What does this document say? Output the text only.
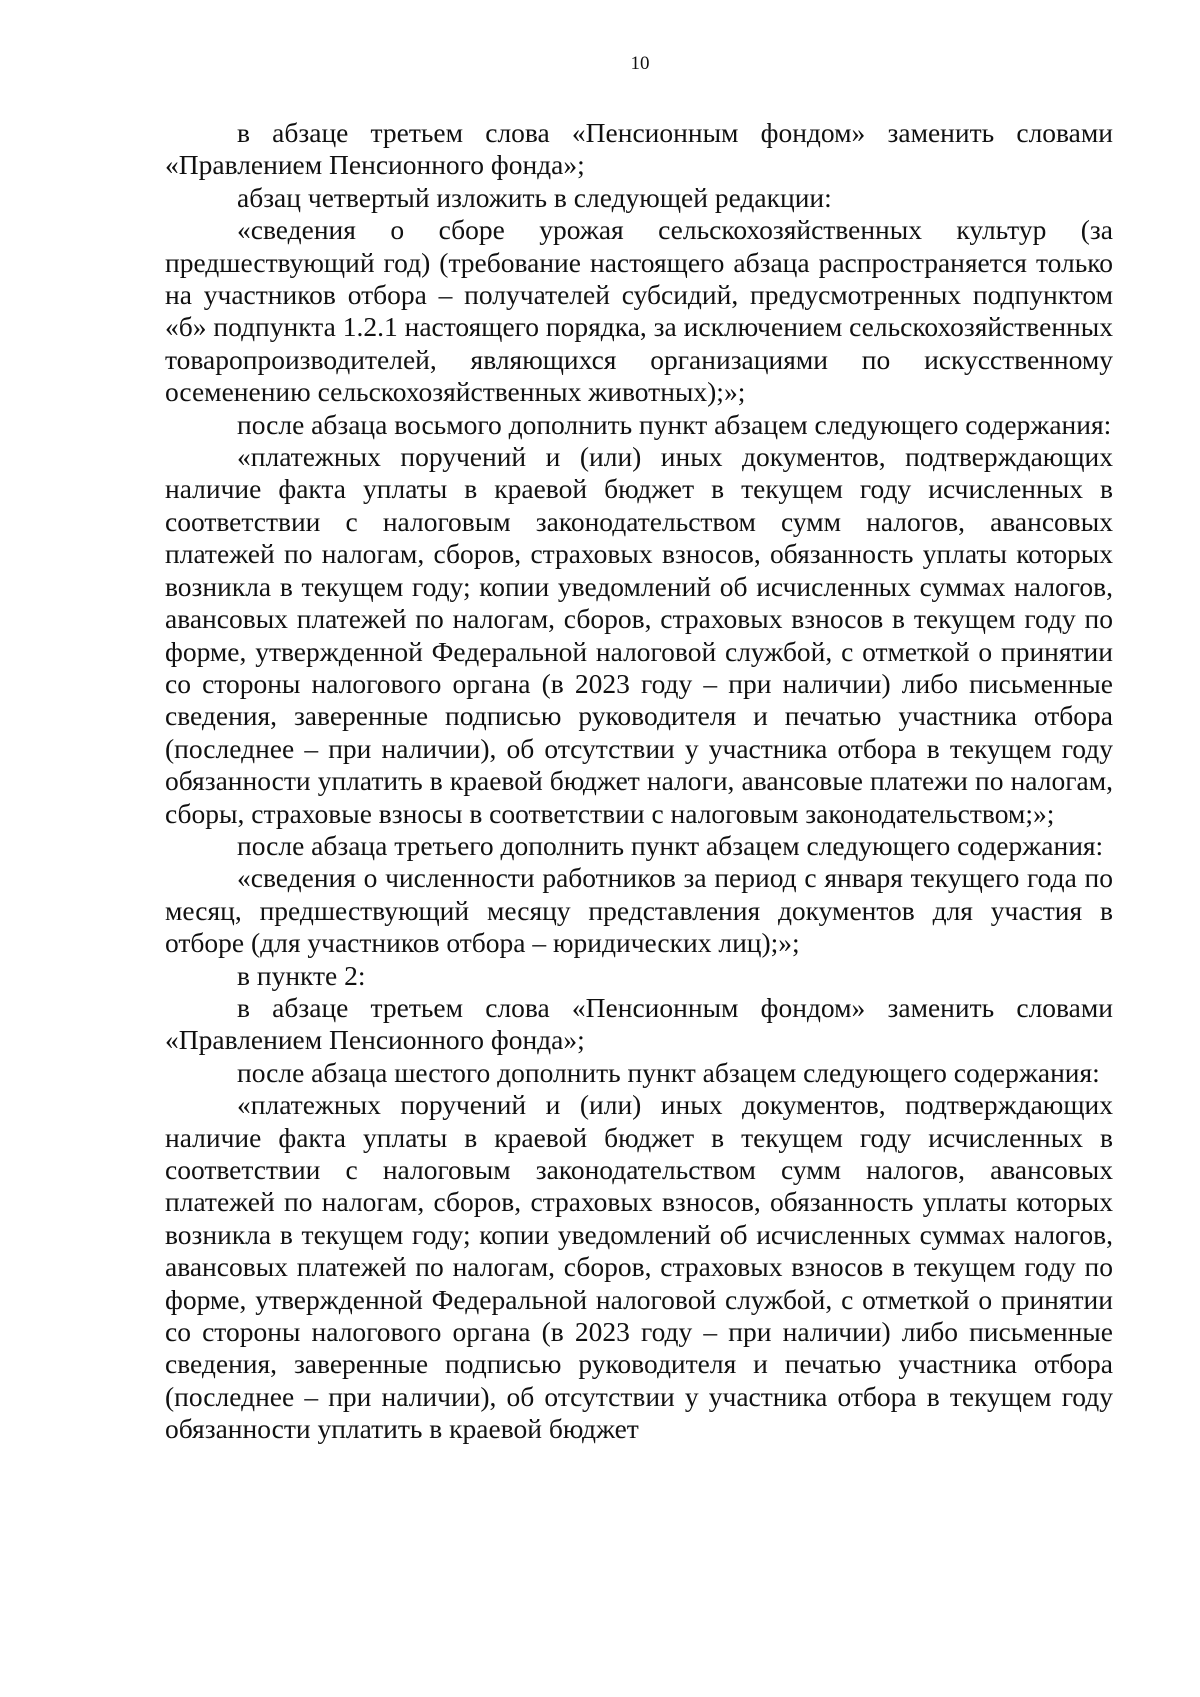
10

в абзаце третьем слова «Пенсионным фондом» заменить словами «Правлением Пенсионного фонда»;

абзац четвертый изложить в следующей редакции:

«сведения о сборе урожая сельскохозяйственных культур (за предшествующий год) (требование настоящего абзаца распространяется только на участников отбора – получателей субсидий, предусмотренных подпунктом «б» подпункта 1.2.1 настоящего порядка, за исключением сельскохозяйственных товаропроизводителей, являющихся организациями по искусственному осеменению сельскохозяйственных животных);»;

после абзаца восьмого дополнить пункт абзацем следующего содержания:

«платежных поручений и (или) иных документов, подтверждающих наличие факта уплаты в краевой бюджет в текущем году исчисленных в соответствии с налоговым законодательством сумм налогов, авансовых платежей по налогам, сборов, страховых взносов, обязанность уплаты которых возникла в текущем году; копии уведомлений об исчисленных суммах налогов, авансовых платежей по налогам, сборов, страховых взносов в текущем году по форме, утвержденной Федеральной налоговой службой, с отметкой о принятии со стороны налогового органа (в 2023 году – при наличии) либо письменные сведения, заверенные подписью руководителя и печатью участника отбора (последнее – при наличии), об отсутствии у участника отбора в текущем году обязанности уплатить в краевой бюджет налоги, авансовые платежи по налогам, сборы, страховые взносы в соответствии с налоговым законодательством;»;

после абзаца третьего дополнить пункт абзацем следующего содержания:

«сведения о численности работников за период с января текущего года по месяц, предшествующий месяцу представления документов для участия в отборе (для участников отбора – юридических лиц);»;

в пункте 2:

в абзаце третьем слова «Пенсионным фондом» заменить словами «Правлением Пенсионного фонда»;

после абзаца шестого дополнить пункт абзацем следующего содержания:

«платежных поручений и (или) иных документов, подтверждающих наличие факта уплаты в краевой бюджет в текущем году исчисленных в соответствии с налоговым законодательством сумм налогов, авансовых платежей по налогам, сборов, страховых взносов, обязанность уплаты которых возникла в текущем году; копии уведомлений об исчисленных суммах налогов, авансовых платежей по налогам, сборов, страховых взносов в текущем году по форме, утвержденной Федеральной налоговой службой, с отметкой о принятии со стороны налогового органа (в 2023 году – при наличии) либо письменные сведения, заверенные подписью руководителя и печатью участника отбора (последнее – при наличии), об отсутствии у участника отбора в текущем году обязанности уплатить в краевой бюджет
